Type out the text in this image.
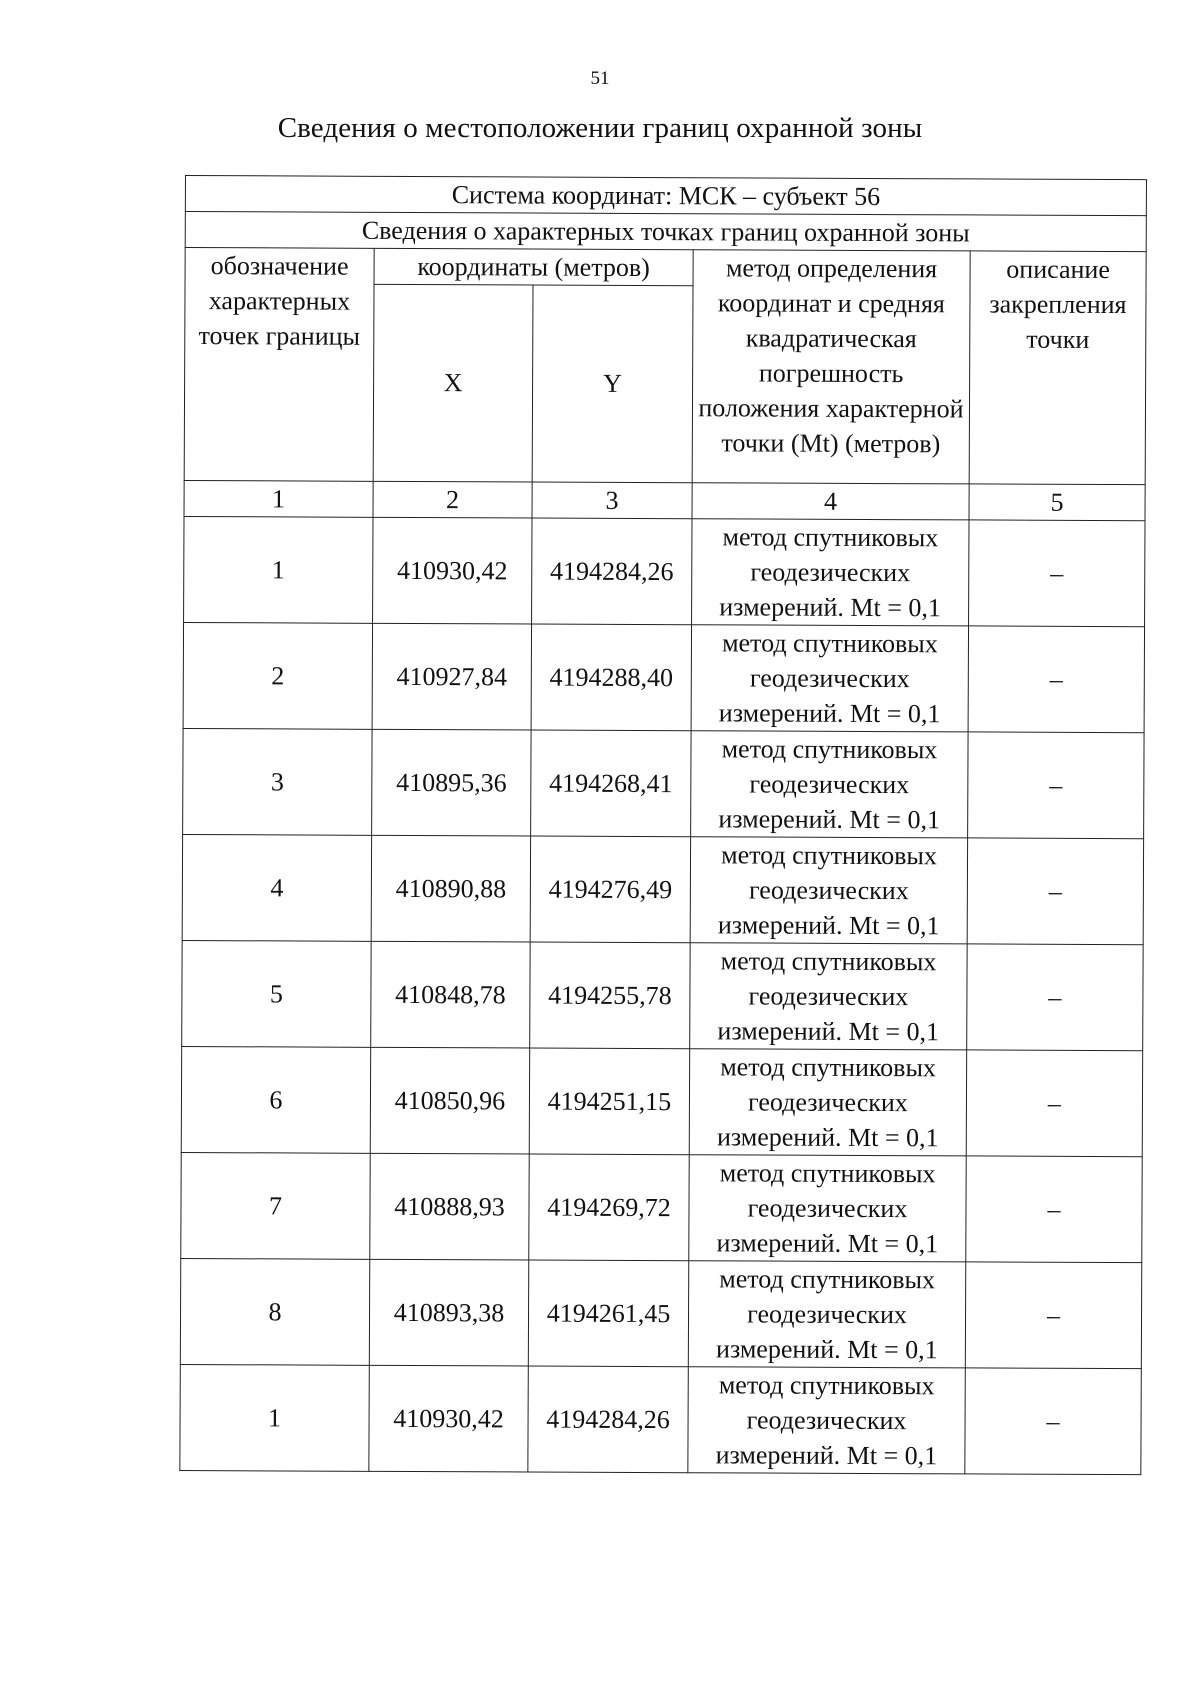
51
Сведения о местоположении границ охранной зоны
Система координат: МСК – субъект 56				
Сведения о характерных точках границ охранной зоны				
обозначение характерных точек границы	координаты (метров)		метод определения координат и средняя квадратическая погрешность положения характерной точки (Mt) (метров)	описание закрепления точки
	X	Y		
1	2	3	4	5
1	410930,42	4194284,26	метод спутниковых
геодезических
измерений. Mt = 0,1	–
2	410927,84	4194288,40	метод спутниковых
геодезических
измерений. Mt = 0,1	–
3	410895,36	4194268,41	метод спутниковых
геодезических
измерений. Mt = 0,1	–
4	410890,88	4194276,49	метод спутниковых
геодезических
измерений. Mt = 0,1	–
5	410848,78	4194255,78	метод спутниковых
геодезических
измерений. Mt = 0,1	–
6	410850,96	4194251,15	метод спутниковых
геодезических
измерений. Mt = 0,1	–
7	410888,93	4194269,72	метод спутниковых
геодезических
измерений. Mt = 0,1	–
8	410893,38	4194261,45	метод спутниковых
геодезических
измерений. Mt = 0,1	–
1	410930,42	4194284,26	метод спутниковых
геодезических
измерений. Mt = 0,1	–
